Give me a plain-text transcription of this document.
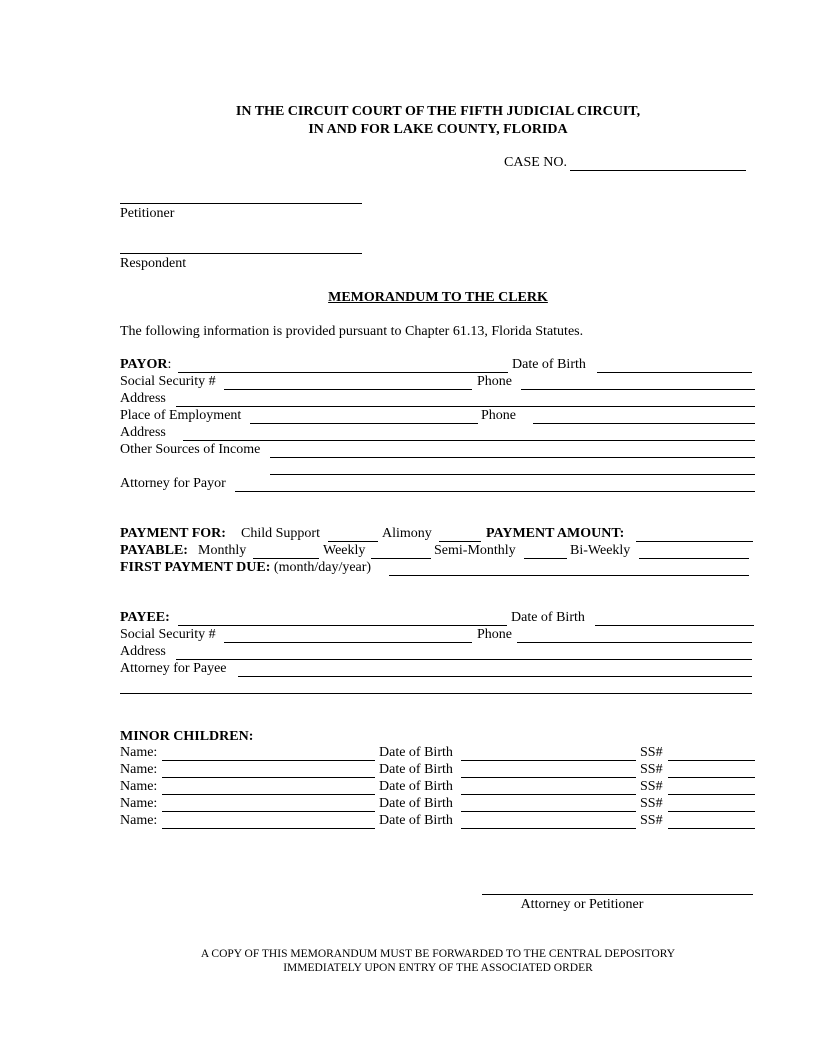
IN THE CIRCUIT COURT OF THE FIFTH JUDICIAL CIRCUIT,
IN AND FOR LAKE COUNTY, FLORIDA
CASE NO.
Petitioner
Respondent
MEMORANDUM TO THE CLERK
The following information is provided pursuant to Chapter 61.13, Florida Statutes.
PAYOR:	Date of Birth
Social Security #	Phone
Address
Place of Employment	Phone
Address
Other Sources of Income
Attorney for Payor
PAYMENT FOR: Child Support	Alimony	PAYMENT AMOUNT:
PAYABLE: Monthly	Weekly	Semi-Monthly	Bi-Weekly
FIRST PAYMENT DUE: (month/day/year)
PAYEE:	Date of Birth
Social Security #	Phone
Address
Attorney for Payee
MINOR CHILDREN:
Name:	Date of Birth	SS#
Name:	Date of Birth	SS#
Name:	Date of Birth	SS#
Name:	Date of Birth	SS#
Name:	Date of Birth	SS#
Attorney or Petitioner
A COPY OF THIS MEMORANDUM MUST BE FORWARDED TO THE CENTRAL DEPOSITORY
IMMEDIATELY UPON ENTRY OF THE ASSOCIATED ORDER
